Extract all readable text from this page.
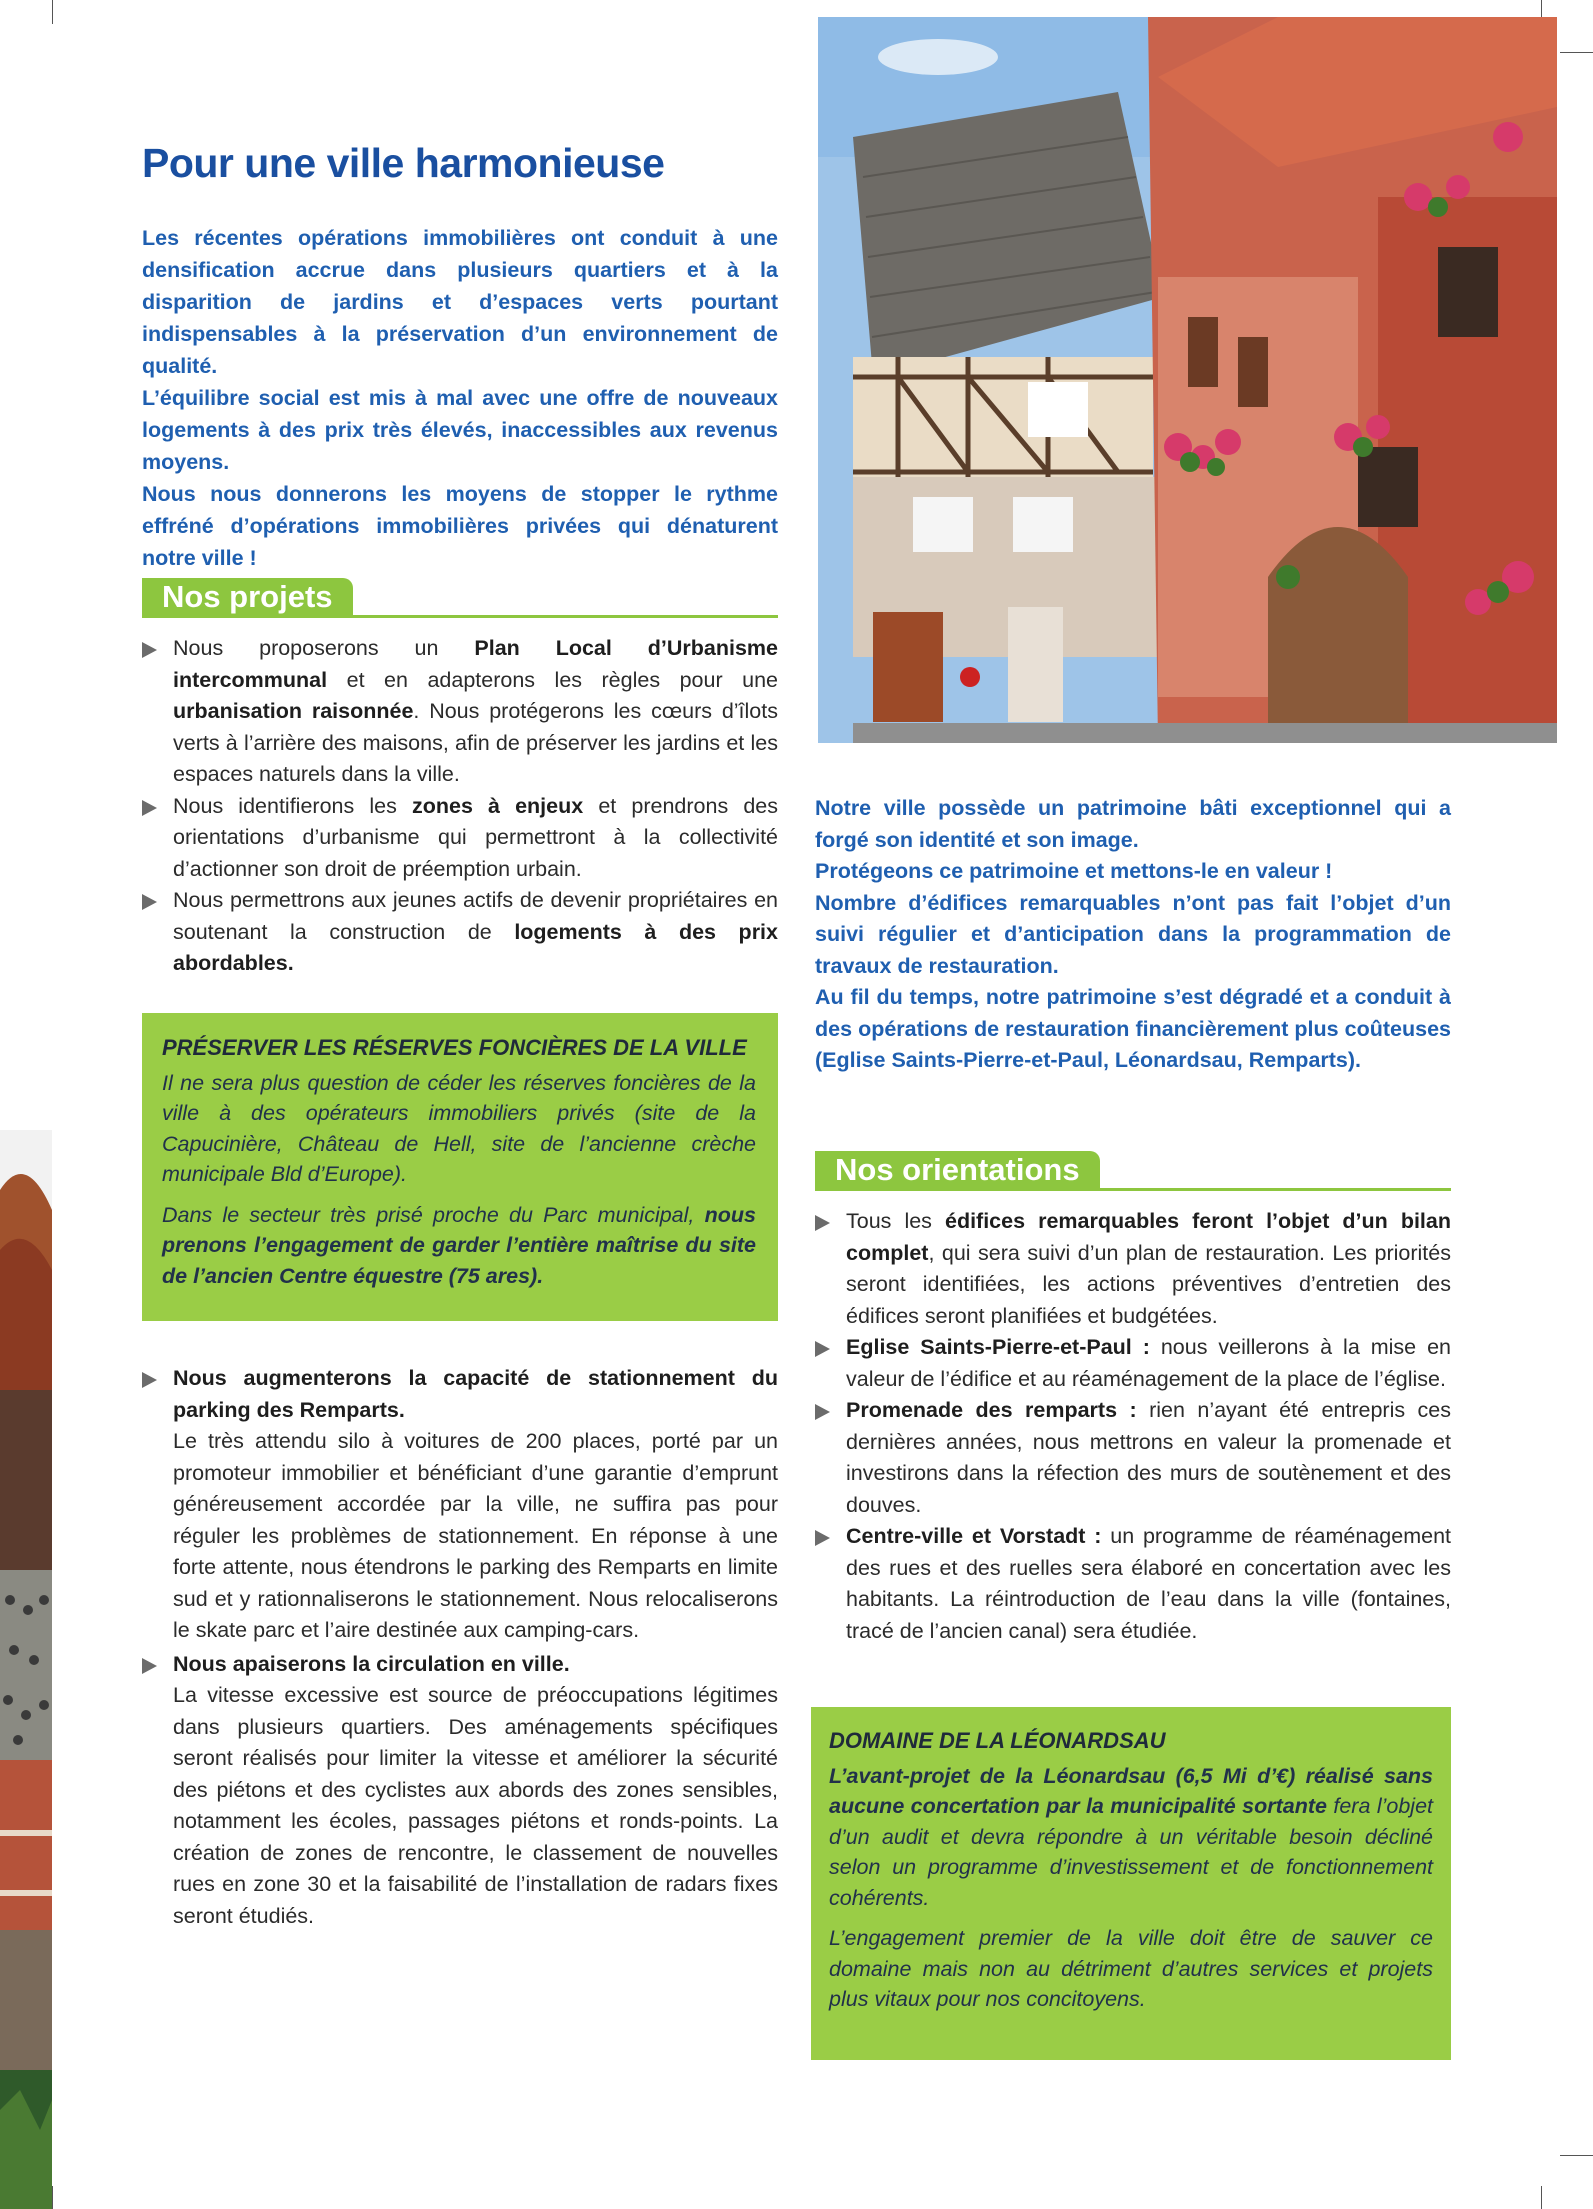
Pour une ville harmonieuse

Les récentes opérations immobilières ont conduit à une densification accrue dans plusieurs quartiers et à la disparition de jardins et d’espaces verts pourtant indispensables à la préservation d’un environnement de qualité.

L’équilibre social est mis à mal avec une offre de nouveaux logements à des prix très élevés, inaccessibles aux revenus moyens.

Nous nous donnerons les moyens de stopper le rythme effréné d’opérations immobilières privées qui dénaturent notre ville !

Nos projets
Nous proposerons un Plan Local d’Urbanisme intercommunal et en adapterons les règles pour une urbanisation raisonnée. Nous protégerons les cœurs d’îlots verts à l’arrière des maisons, afin de préserver les jardins et les espaces naturels dans la ville.
Nous identifierons les zones à enjeux et prendrons des orientations d’urbanisme qui permettront à la collectivité d’actionner son droit de préemption urbain.
Nous permettrons aux jeunes actifs de devenir propriétaires en soutenant la construction de logements à des prix abordables.
PRÉSERVER LES RÉSERVES FONCIÈRES DE LA VILLE

Il ne sera plus question de céder les réserves foncières de la ville à des opérateurs immobiliers privés (site de la Capucinière, Château de Hell, site de l’ancienne crèche municipale Bld d’Europe).

Dans le secteur très prisé proche du Parc municipal, nous prenons l’engagement de garder l’entière maîtrise du site de l’ancien Centre équestre (75 ares).

Nous augmenterons la capacité de stationnement du parking des Remparts.
Le très attendu silo à voitures de 200 places, porté par un promoteur immobilier et bénéficiant d’une garantie d’emprunt généreusement accordée par la ville, ne suffira pas pour réguler les problèmes de stationnement. En réponse à une forte attente, nous étendrons le parking des Remparts en limite sud et y rationnaliserons le stationnement. Nous relocaliserons le skate parc et l’aire destinée aux camping-cars.
Nous apaiserons la circulation en ville.
La vitesse excessive est source de préoccupations légitimes dans plusieurs quartiers. Des aménagements spécifiques seront réalisés pour limiter la vitesse et améliorer la sécurité des piétons et des cyclistes aux abords des zones sensibles, notamment les écoles, passages piétons et ronds-points. La création de zones de rencontre, le classement de nouvelles rues en zone 30 et la faisabilité de l’installation de radars fixes seront étudiés.

Notre ville possède un patrimoine bâti exceptionnel qui a forgé son identité et son image.

Protégeons ce patrimoine et mettons-le en valeur !

Nombre d’édifices remarquables n’ont pas fait l’objet d’un suivi régulier et d’anticipation dans la programmation de travaux de restauration.

Au fil du temps, notre patrimoine s’est dégradé et a conduit à des opérations de restauration financièrement plus coûteuses (Eglise Saints-Pierre-et-Paul, Léonardsau, Remparts).

Nos orientations
Tous les édifices remarquables feront l’objet d’un bilan complet, qui sera suivi d’un plan de restauration. Les priorités seront identifiées, les actions préventives d’entretien des édifices seront planifiées et budgétées.
Eglise Saints-Pierre-et-Paul : nous veillerons à la mise en valeur de l’édifice et au réaménagement de la place de l’église.
Promenade des remparts : rien n’ayant été entrepris ces dernières années, nous mettrons en valeur la promenade et investirons dans la réfection des murs de soutènement et des douves.
Centre-ville et Vorstadt : un programme de réaménagement des rues et des ruelles sera élaboré en concertation avec les habitants. La réintroduction de l’eau dans la ville (fontaines, tracé de l’ancien canal) sera étudiée.
DOMAINE DE LA LÉONARDSAU

L’avant-projet de la Léonardsau (6,5 Mi d’€) réalisé sans aucune concertation par la municipalité sortante fera l’objet d’un audit et devra répondre à un véritable besoin décliné selon un programme d’investissement et de fonctionnement cohérents.

L’engagement premier de la ville doit être de sauver ce domaine mais non au détriment d’autres services et projets plus vitaux pour nos concitoyens.
